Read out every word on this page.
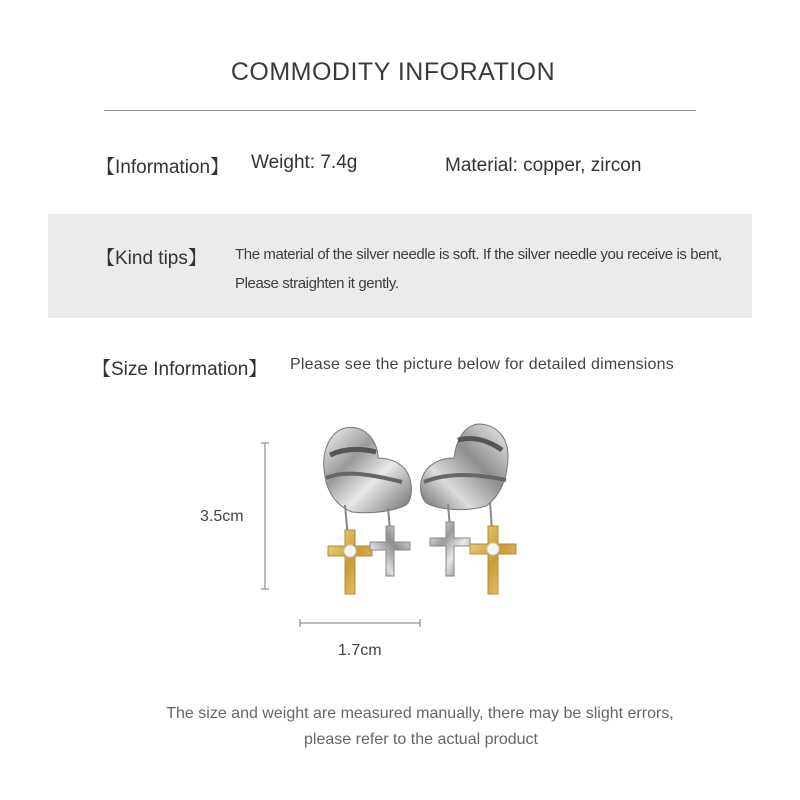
COMMODITY INFORATION
【Information】 Weight: 7.4g	Material: copper, zircon
【Kind tips】 The material of the silver needle is soft. If the silver needle you receive is bent,
Please straighten it gently.
【Size Information】 Please see the picture below for detailed dimensions
3.5cm
1.7cm
The size and weight are measured manually, there may be slight errors,
please refer to the actual product
